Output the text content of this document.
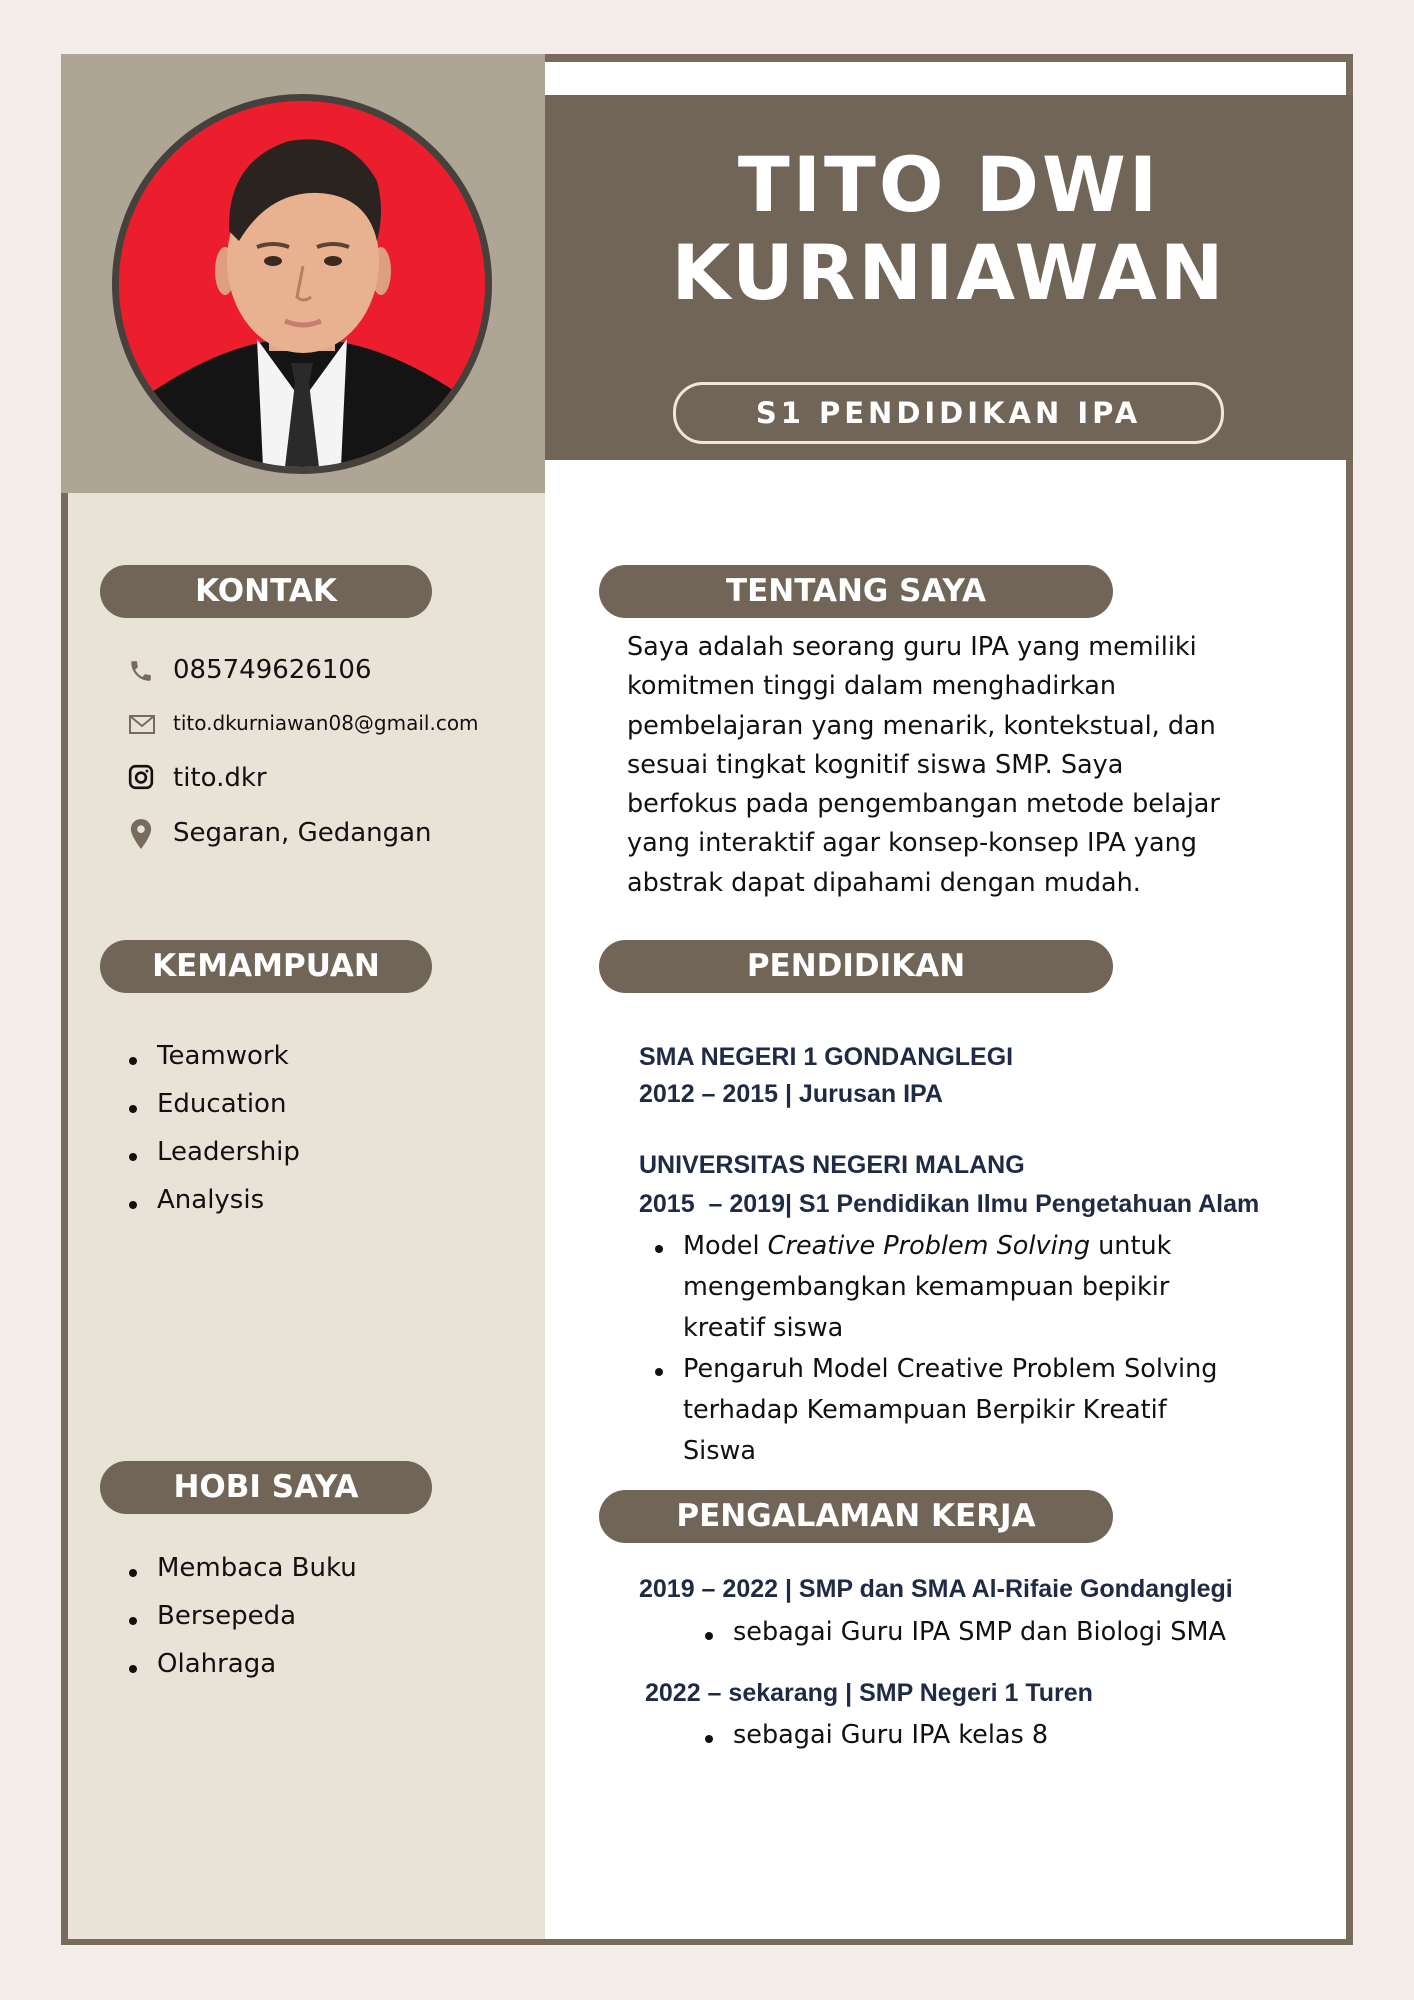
TITO DWI
KURNIAWAN
S1 PENDIDIKAN IPA
KONTAK
085749626106
tito.dkurniawan08@gmail.com
tito.dkr
Segaran, Gedangan
KEMAMPUAN
Teamwork
Education
Leadership
Analysis
HOBI SAYA
Membaca Buku
Bersepeda
Olahraga
TENTANG SAYA
Saya adalah seorang guru IPA yang memiliki
komitmen tinggi dalam menghadirkan
pembelajaran yang menarik, kontekstual, dan
sesuai tingkat kognitif siswa SMP. Saya
berfokus pada pengembangan metode belajar
yang interaktif agar konsep-konsep IPA yang
abstrak dapat dipahami dengan mudah.
PENDIDIKAN
SMA NEGERI 1 GONDANGLEGI
2012 – 2015 | Jurusan IPA
UNIVERSITAS NEGERI MALANG
2015  – 2019| S1 Pendidikan Ilmu Pengetahuan Alam
Model Creative Problem Solving untuk
mengembangkan kemampuan bepikir
kreatif siswa
Pengaruh Model Creative Problem Solving
terhadap Kemampuan Berpikir Kreatif
Siswa
PENGALAMAN KERJA
2019 – 2022 | SMP dan SMA Al-Rifaie Gondanglegi
sebagai Guru IPA SMP dan Biologi SMA
2022 – sekarang | SMP Negeri 1 Turen
sebagai Guru IPA kelas 8
